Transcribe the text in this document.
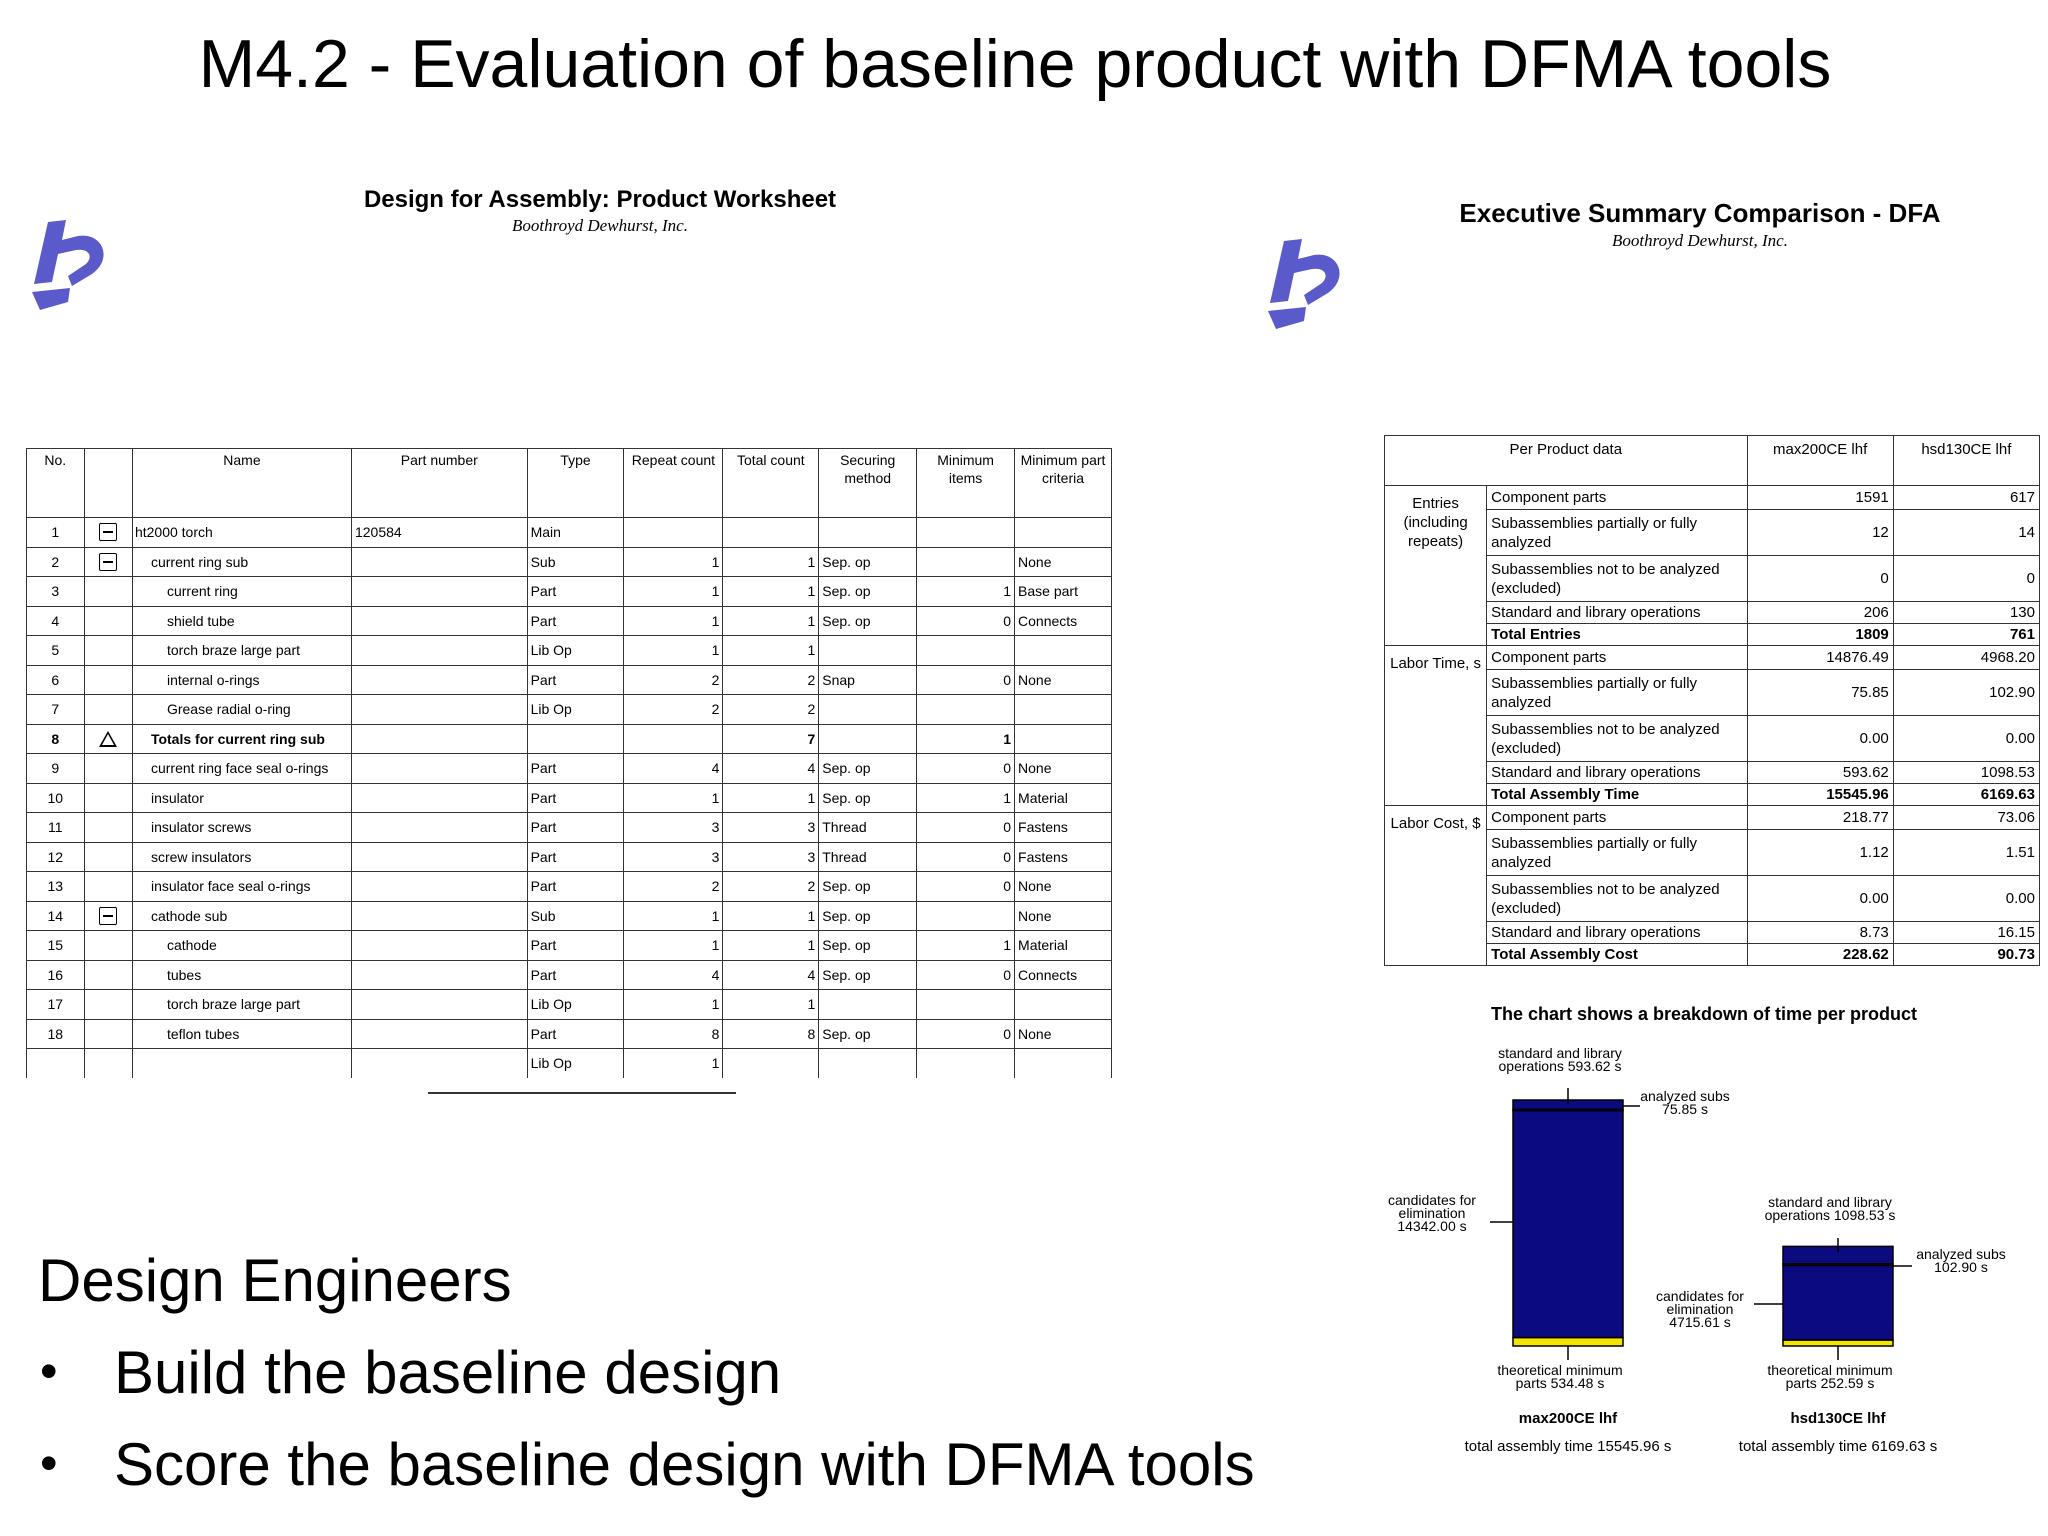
M4.2 - Evaluation of baseline product with DFMA tools
Design for Assembly: Product Worksheet
Boothroyd Dewhurst, Inc.
No.		Name	Part number	Type	Repeat count	Total count	Securing method	Minimum items	Minimum part criteria
1		ht2000 torch	120584	Main					
2		current ring sub		Sub	1	1	Sep. op		None
3		current ring		Part	1	1	Sep. op	1	Base part
4		shield tube		Part	1	1	Sep. op	0	Connects
5		torch braze large part		Lib Op	1	1			
6		internal o-rings		Part	2	2	Snap	0	None
7		Grease radial o-ring		Lib Op	2	2			
8		Totals for current ring sub				7		1	
9		current ring face seal o-rings		Part	4	4	Sep. op	0	None
10		insulator		Part	1	1	Sep. op	1	Material
11		insulator screws		Part	3	3	Thread	0	Fastens
12		screw insulators		Part	3	3	Thread	0	Fastens
13		insulator face seal o-rings		Part	2	2	Sep. op	0	None
14		cathode sub		Sub	1	1	Sep. op		None
15		cathode		Part	1	1	Sep. op	1	Material
16		tubes		Part	4	4	Sep. op	0	Connects
17		torch braze large part		Lib Op	1	1			
18		teflon tubes		Part	8	8	Sep. op	0	None
				Lib Op	1				
Executive Summary Comparison - DFA
Boothroyd Dewhurst, Inc.
Per Product data		max200CE lhf	hsd130CE lhf
Entries (including repeats)	Component parts	1591	617
	Subassemblies partially or fully analyzed	12	14
	Subassemblies not to be analyzed (excluded)	0	0
	Standard and library operations	206	130
	Total Entries	1809	761
Labor Time, s	Component parts	14876.49	4968.20
	Subassemblies partially or fully analyzed	75.85	102.90
	Subassemblies not to be analyzed (excluded)	0.00	0.00
	Standard and library operations	593.62	1098.53
	Total Assembly Time	15545.96	6169.63
Labor Cost, $	Component parts	218.77	73.06
	Subassemblies partially or fully analyzed	1.12	1.51
	Subassemblies not to be analyzed (excluded)	0.00	0.00
	Standard and library operations	8.73	16.15
	Total Assembly Cost	228.62	90.73
The chart shows a breakdown of time per product
standard and library
operations 593.62 s
analyzed subs
75.85 s
candidates for
elimination
14342.00 s
theoretical minimum
parts 534.48 s
standard and library
operations 1098.53 s
analyzed subs
102.90 s
candidates for
elimination
4715.61 s
theoretical minimum
parts 252.59 s
max200CE lhf
total assembly time 15545.96 s
hsd130CE lhf
total assembly time 6169.63 s
Design Engineers
• Build the baseline design
• Score the baseline design with DFMA tools
